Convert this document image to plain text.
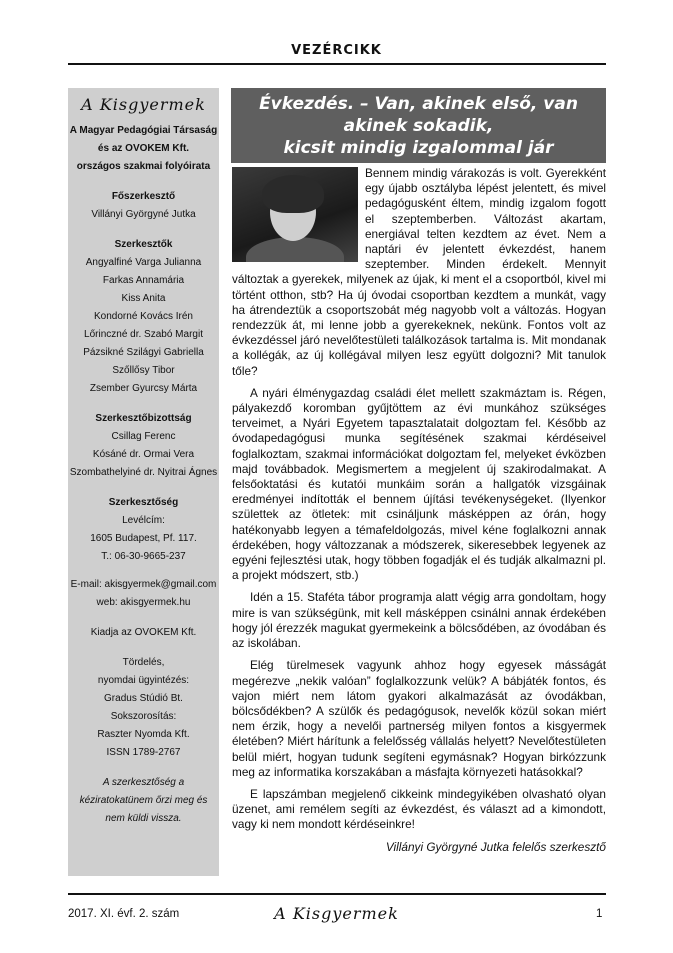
VEZÉRCIKK
A Kisgyermek
A Magyar Pedagógiai Társaság
és az OVOKEM Kft.
országos szakmai folyóirata
Főszerkesztő
Villányi Györgyné Jutka
Szerkesztők
Angyalfiné Varga Julianna
Farkas Annamária
Kiss Anita
Kondorné Kovács Irén
Lőrinczné dr. Szabó Margit
Pázsikné Szilágyi Gabriella
Szőllősy Tibor
Zsember Gyurcsy Márta
Szerkesztőbizottság
Csillag Ferenc
Kósáné dr. Ormai Vera
Szombathelyiné dr. Nyitrai Ágnes
Szerkesztőség
Levélcím:
1605 Budapest, Pf. 117.
T.: 06-30-9665-237
E-mail: akisgyermek@gmail.com
web: akisgyermek.hu
Kiadja az OVOKEM Kft.
Tördelés,
nyomdai ügyintézés:
Gradus Stúdió Bt.
Sokszorosítás:
Raszter Nyomda Kft.
ISSN 1789-2767
A szerkesztőség a
kéziratokatünem őrzi meg és
nem küldi vissza.
Évkezdés. – Van, akinek első, van
akinek sokadik,
kicsit mindig izgalommal jár

Bennem mindig várakozás is volt. Gyerekként egy újabb osztályba lépést jelentett, és mivel pedagógusként éltem, mindig izgalom fogott el szeptemberben. Változást akartam, energiával telten kezdtem az évet. Nem a naptári év jelentett évkezdést, hanem szeptember. Minden érdekelt. Mennyit változtak a gyerekek, milyenek az újak, ki ment el a csoportból, kivel mi történt otthon, stb? Ha új óvodai csoportban kezdtem a munkát, vagy ha átrendeztük a csoportszobát még nagyobb volt a változás. Hogyan rendezzük át, mi lenne jobb a gyerekeknek, nekünk. Fontos volt az évkezdéssel járó nevelőtestületi találkozások tartalma is. Mit mondanak a kollégák, az új kollégával milyen lesz együtt dolgozni? Mit tanulok tőle?

A nyári élménygazdag családi élet mellett szakmáztam is. Régen, pályakezdő koromban gyűjtöttem az évi munkához szükséges terveimet, a Nyári Egyetem tapasztalatait dolgoztam fel. Később az óvodapedagógusi munka segítésének szakmai kérdéseivel foglalkoztam, szakmai információkat dolgoztam fel, melyeket évközben majd továbbadok. Megismertem a megjelent új szakirodalmakat. A felsőoktatási és kutatói munkáim során a hallgatók vizsgáinak eredményei indították el bennem újítási tevékenységeket. (Ilyenkor születtek az ötletek: mit csináljunk másképpen az órán, hogy hatékonyabb legyen a témafeldolgozás, mivel kéne foglalkozni annak érdekében, hogy változzanak a módszerek, sikeresebbek legyenek az egyéni fejlesztési utak, hogy többen fogadják el és tudják alkalmazni pl. a projekt módszert, stb.)

Idén a 15. Staféta tábor programja alatt végig arra gondoltam, hogy mire is van szükségünk, mit kell másképpen csinálni annak érdekében hogy jól érezzék magukat gyermekeink a bölcsődében, az óvodában és az iskolában.

Elég türelmesek vagyunk ahhoz hogy egyesek másságát megérezve „nekik valóan” foglalkozzunk velük? A bábjáték fontos, és vajon miért nem látom gyakori alkalmazását az óvodákban, bölcsődékben? A szülők és pedagógusok, nevelők közül sokan miért nem érzik, hogy a nevelői partnerség milyen fontos a kisgyermek életében? Miért hárítunk a felelősség vállalás helyett? Nevelőtestületen belül miért, hogyan tudunk segíteni egymásnak? Hogyan birkózzunk meg az informatika korszakában a másfajta környezeti hatásokkal?

E lapszámban megjelenő cikkeink mindegyikében olvasható olyan üzenet, ami remélem segíti az évkezdést, és választ ad a kimondott, vagy ki nem mondott kérdéseinkre!

Villányi Györgyné Jutka felelős szerkesztő
2017. XI. évf. 2. szám	A Kisgyermek	1
